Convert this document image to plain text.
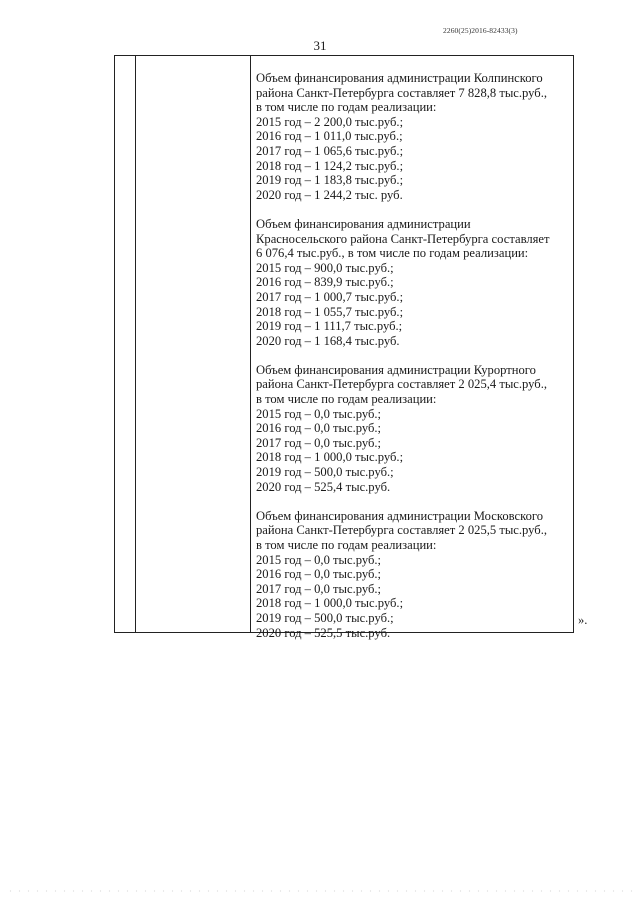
2260(25)2016-82433(3)
31
Объем финансирования администрации Колпинского
района Санкт-Петербурга составляет 7 828,8 тыс.руб.,
в том числе по годам реализации:
2015 год – 2 200,0 тыс.руб.;
2016 год – 1 011,0 тыс.руб.;
2017 год – 1 065,6 тыс.руб.;
2018 год – 1 124,2 тыс.руб.;
2019 год – 1 183,8 тыс.руб.;
2020 год – 1 244,2 тыс. руб.
Объем финансирования администрации
Красносельского района Санкт-Петербурга составляет
6 076,4 тыс.руб., в том числе по годам реализации:
2015 год – 900,0 тыс.руб.;
2016 год – 839,9 тыс.руб.;
2017 год – 1 000,7 тыс.руб.;
2018 год – 1 055,7 тыс.руб.;
2019 год – 1 111,7 тыс.руб.;
2020 год – 1 168,4 тыс.руб.
Объем финансирования администрации Курортного
района Санкт-Петербурга составляет 2 025,4 тыс.руб.,
в том числе по годам реализации:
2015 год – 0,0 тыс.руб.;
2016 год – 0,0 тыс.руб.;
2017 год – 0,0 тыс.руб.;
2018 год – 1 000,0 тыс.руб.;
2019 год – 500,0 тыс.руб.;
2020 год – 525,4 тыс.руб.
Объем финансирования администрации Московского
района Санкт-Петербурга составляет 2 025,5 тыс.руб.,
в том числе по годам реализации:
2015 год – 0,0 тыс.руб.;
2016 год – 0,0 тыс.руб.;
2017 год – 0,0 тыс.руб.;
2018 год – 1 000,0 тыс.руб.;
2019 год – 500,0 тыс.руб.;
2020 год – 525,5 тыс.руб.
».
